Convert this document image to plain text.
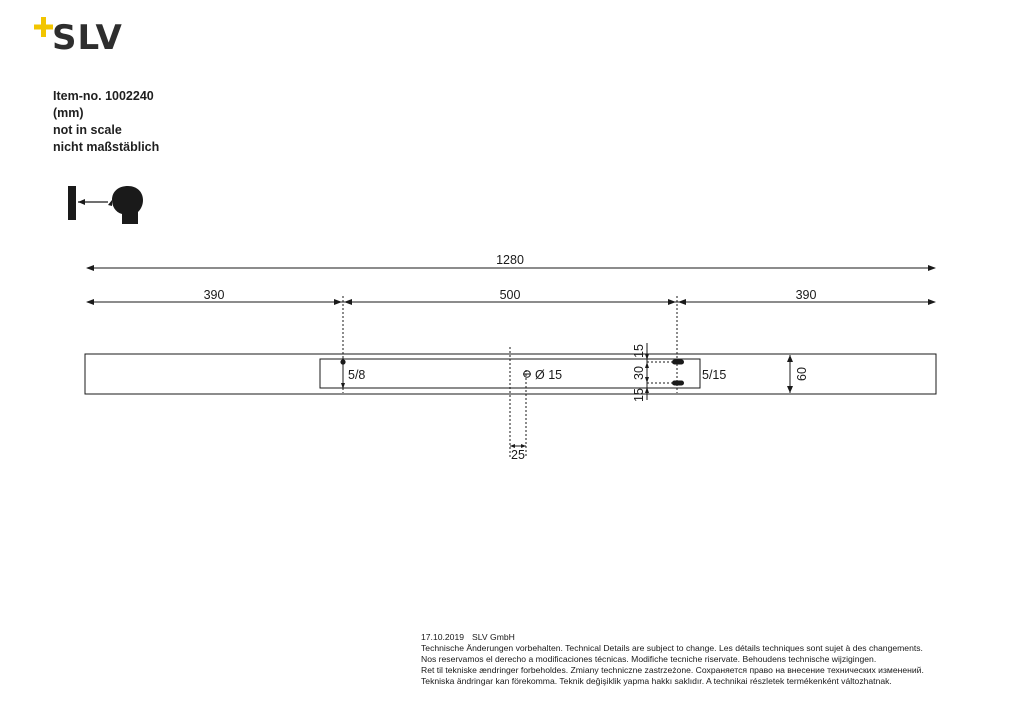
SLV
Item-no. 1002240
(mm)
not in scale
nicht maßstäblich
1280
390	500	390
5/8	Ø 15	5/15
25
60
15
30
15
17.10.2019 SLV GmbH
Technische Änderungen vorbehalten. Technical Details are subject to change. Les détails techniques sont sujet à des changements.
Nos reservamos el derecho a modificaciones técnicas. Modifiche tecniche riservate. Behoudens technische wijzigingen.
Ret til tekniske ændringer forbeholdes. Zmiany techniczne zastrzeżone. Сохраняется право на внесение технических изменений.
Tekniska ändringar kan förekomma. Teknik değişiklik yapma hakkı saklıdır. A technikai részletek termékenként változhatnak.
